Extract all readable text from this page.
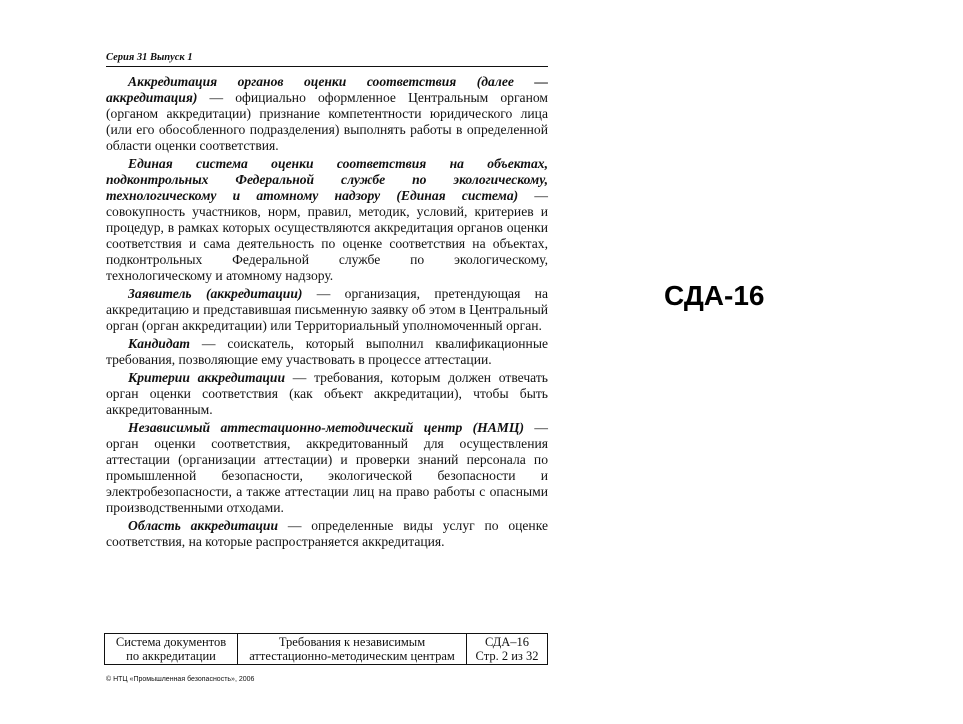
Серия 31 Выпуск 1

Аккредитация органов оценки соответствия (далее — аккредитация) — официально оформленное Центральным органом (органом аккредитации) признание компетентности юридического лица (или его обособленного подразделения) выполнять работы в определенной области оценки соответствия.

Единая система оценки соответствия на объектах, подконтрольных Федеральной службе по экологическому, технологическому и атомному надзору (Единая система) — совокупность участников, норм, правил, методик, условий, критериев и процедур, в рамках которых осуществляются аккредитация органов оценки соответствия и сама деятельность по оценке соответствия на объектах, подконтрольных Федеральной службе по экологическому, технологическому и атомному надзору.

Заявитель (аккредитации) — организация, претендующая на аккредитацию и представившая письменную заявку об этом в Центральный орган (орган аккредитации) или Территориальный уполномоченный орган.

Кандидат — соискатель, который выполнил квалификационные требования, позволяющие ему участвовать в процессе аттестации.

Критерии аккредитации — требования, которым должен отвечать орган оценки соответствия (как объект аккредитации), чтобы быть аккредитованным.

Независимый аттестационно-методический центр (НАМЦ) — орган оценки соответствия, аккредитованный для осуществления аттестации (организации аттестации) и проверки знаний персонала по промышленной безопасности, экологической безопасности и электробезопасности, а также аттестации лиц на право работы с опасными производственными отходами.

Область аккредитации — определенные виды услуг по оценке соответствия, на которые распространяется аккредитация.

Система документов
по аккредитации

Требования к независимым
аттестационно-методическим центрам

СДА–16
Стр. 2 из 32
© НТЦ «Промышленная безопасность», 2006
СДА-16
